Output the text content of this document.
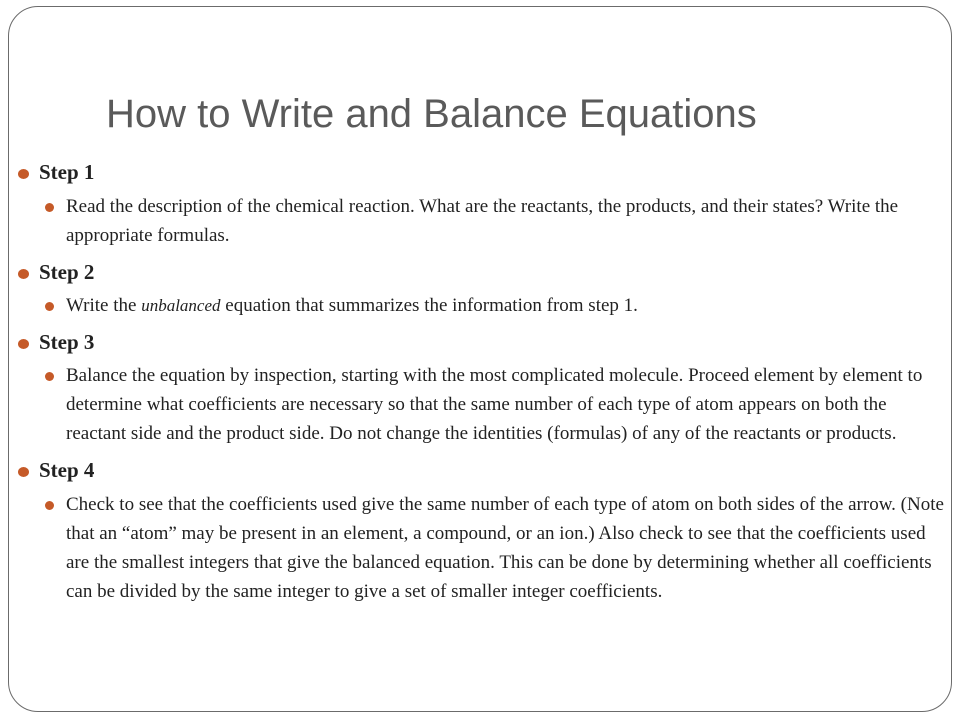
How to Write and Balance Equations
Step 1
Read the description of the chemical reaction. What are the reactants, the products, and their states? Write the appropriate formulas.
Step 2
Write the unbalanced equation that summarizes the information from step 1.
Step 3
Balance the equation by inspection, starting with the most complicated molecule. Proceed element by element to determine what coefficients are necessary so that the same number of each type of atom appears on both the reactant side and the product side. Do not change the identities (formulas) of any of the reactants or products.
Step 4
Check to see that the coefficients used give the same number of each type of atom on both sides of the arrow. (Note that an “atom” may be present in an element, a compound, or an ion.) Also check to see that the coefficients used are the smallest integers that give the balanced equation. This can be done by determining whether all coefficients can be divided by the same integer to give a set of smaller integer coefficients.
